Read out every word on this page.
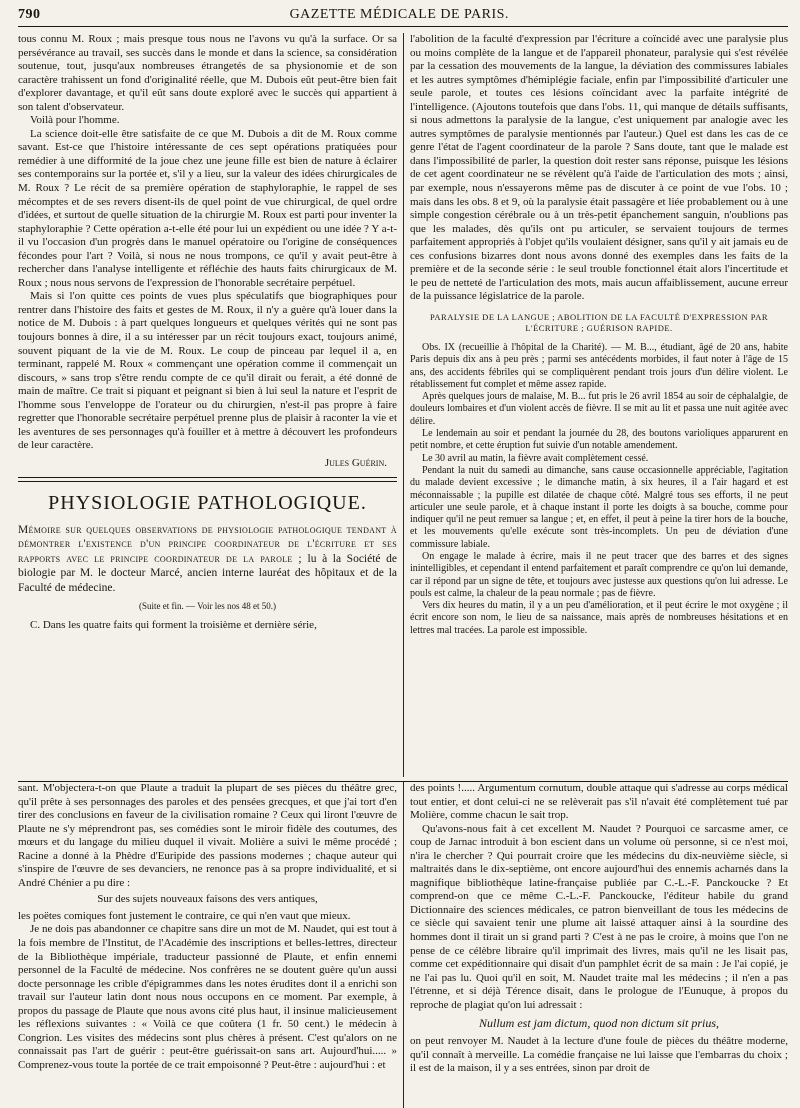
790	GAZETTE MÉDICALE DE PARIS.

tous connu M. Roux ; mais presque tous nous ne l'avons vu qu'à la surface. Or sa persévérance au travail, ses succès dans le monde et dans la science, sa considération soutenue, tout, jusqu'aux nombreuses étrangetés de sa physionomie et de son caractère trahissent un fond d'originalité réelle, que M. Dubois eût peut-être bien fait d'explorer davantage, et qu'il eût sans doute exploré avec le succès qui appartient à son talent d'observateur.

Voilà pour l'homme.

La science doit-elle être satisfaite de ce que M. Dubois a dit de M. Roux comme savant. Est-ce que l'histoire intéressante de ces sept opérations pratiquées pour remédier à une difformité de la joue chez une jeune fille est bien de nature à éclairer ses contemporains sur la portée et, s'il y a lieu, sur la valeur des idées chirurgicales de M. Roux ? Le récit de sa première opération de staphyloraphie, le rappel de ses mécomptes et de ses revers disent-ils de quel point de vue chirurgical, de quel ordre d'idées, et surtout de quelle situation de la chirurgie M. Roux est parti pour inventer la staphyloraphie ? Cette opération a-t-elle été pour lui un expédient ou une idée ? Y a-t-il vu l'occasion d'un progrès dans le manuel opératoire ou l'origine de conséquences fécondes pour l'art ? Voilà, si nous ne nous trompons, ce qu'il y avait peut-être à rechercher dans l'analyse intelligente et réfléchie des hauts faits chirurgicaux de M. Roux ; nous nous servons de l'expression de l'honorable secrétaire perpétuel.

Mais si l'on quitte ces points de vues plus spéculatifs que biographiques pour rentrer dans l'histoire des faits et gestes de M. Roux, il n'y a guère qu'à louer dans la notice de M. Dubois : à part quelques longueurs et quelques vérités qui ne sont pas toujours bonnes à dire, il a su intéresser par un récit toujours exact, toujours animé, souvent piquant de la vie de M. Roux. Le coup de pinceau par lequel il a, en terminant, rappelé M. Roux « commençant une opération comme il commençait un discours, » sans trop s'être rendu compte de ce qu'il dirait ou ferait, a été donné de main de maître. Ce trait si piquant et peignant si bien à lui seul la nature et l'esprit de l'homme sous l'enveloppe de l'orateur ou du chirurgien, n'est-il pas propre à faire regretter que l'honorable secrétaire perpétuel prenne plus de plaisir à raconter la vie et les aventures de ses personnages qu'à fouiller et à mettre à découvert les profondeurs de leur caractère.

Jules Guérin.
PHYSIOLOGIE PATHOLOGIQUE.
Mémoire sur quelques observations de physiologie pathologique tendant à démontrer l'existence d'un principe coordinateur de l'écriture et ses rapports avec le principe coordinateur de la parole ; lu à la Société de biologie par M. le docteur Marcé, ancien interne lauréat des hôpitaux et de la Faculté de médecine.
(Suite et fin. — Voir les nos 48 et 50.)

C. Dans les quatre faits qui forment la troisième et dernière série,

l'abolition de la faculté d'expression par l'écriture a coïncidé avec une paralysie plus ou moins complète de la langue et de l'appareil phonateur, paralysie qui s'est révélée par la cessation des mouvements de la langue, la déviation des commissures labiales et les autres symptômes d'hémiplégie faciale, enfin par l'impossibilité d'articuler une seule parole, et toutes ces lésions coïncidant avec la parfaite intégrité de l'intelligence. (Ajoutons toutefois que dans l'obs. 11, qui manque de détails suffisants, si nous admettons la paralysie de la langue, c'est uniquement par analogie avec les autres symptômes de paralysie mentionnés par l'auteur.) Quel est dans les cas de ce genre l'état de l'agent coordinateur de la parole ? Sans doute, tant que le malade est dans l'impossibilité de parler, la question doit rester sans réponse, puisque les lésions de cet agent coordinateur ne se révèlent qu'à l'aide de l'articulation des mots ; ainsi, par exemple, nous n'essayerons même pas de discuter à ce point de vue l'obs. 10 ; mais dans les obs. 8 et 9, où la paralysie était passagère et liée probablement ou à une simple congestion cérébrale ou à un très-petit épanchement sanguin, n'oublions pas que les malades, dès qu'ils ont pu articuler, se servaient toujours de termes parfaitement appropriés à l'objet qu'ils voulaient désigner, sans qu'il y ait jamais eu de ces confusions bizarres dont nous avons donné des exemples dans les faits de la première et de la seconde série : le seul trouble fonctionnel était alors l'incertitude et le peu de netteté de l'articulation des mots, mais aucun affaiblissement, aucune erreur de la puissance législatrice de la parole.

PARALYSIE DE LA LANGUE ; ABOLITION DE LA FACULTÉ D'EXPRESSION PAR L'ÉCRITURE ; GUÉRISON RAPIDE.

Obs. IX (recueillie à l'hôpital de la Charité). — M. B..., étudiant, âgé de 20 ans, habite Paris depuis dix ans à peu près ; parmi ses antécédents morbides, il faut noter à l'âge de 15 ans, des accidents fébriles qui se compliquèrent pendant trois jours d'un délire violent. Le rétablissement fut complet et même assez rapide.

Après quelques jours de malaise, M. B... fut pris le 26 avril 1854 au soir de céphalalgie, de douleurs lombaires et d'un violent accès de fièvre. Il se mit au lit et passa une nuit agitée avec délire.

Le lendemain au soir et pendant la journée du 28, des boutons varioliques apparurent en petit nombre, et cette éruption fut suivie d'un notable amendement.

Le 30 avril au matin, la fièvre avait complètement cessé.

Pendant la nuit du samedi au dimanche, sans cause occasionnelle appréciable, l'agitation du malade devient excessive ; le dimanche matin, à six heures, il a l'air hagard et est méconnaissable ; la pupille est dilatée de chaque côté. Malgré tous ses efforts, il ne peut articuler une seule parole, et à chaque instant il porte les doigts à sa bouche, comme pour indiquer qu'il ne peut remuer sa langue ; et, en effet, il peut à peine la tirer hors de la bouche, et les mouvements qu'elle exécute sont très-incomplets. Un peu de déviation d'une commissure labiale.

On engage le malade à écrire, mais il ne peut tracer que des barres et des signes inintelligibles, et cependant il entend parfaitement et paraît comprendre ce qu'on lui demande, car il répond par un signe de tête, et toujours avec justesse aux questions qu'on lui adresse. Le pouls est calme, la chaleur de la peau normale ; pas de fièvre.

Vers dix heures du matin, il y a un peu d'amélioration, et il peut écrire le mot oxygène ; il écrit encore son nom, le lieu de sa naissance, mais après de nombreuses hésitations et en lettres mal tracées. La parole est impossible.

sant. M'objectera-t-on que Plaute a traduit la plupart de ses pièces du théâtre grec, qu'il prête à ses personnages des paroles et des pensées grecques, et que j'ai tort d'en tirer des conclusions en faveur de la civilisation romaine ? Ceux qui liront l'œuvre de Plaute ne s'y méprendront pas, ses comédies sont le miroir fidèle des coutumes, des mœurs et du langage du milieu duquel il vivait. Molière a suivi le même procédé ; Racine a donné à la Phèdre d'Euripide des passions modernes ; chaque auteur qui s'inspire de l'œuvre de ses devanciers, ne renonce pas à sa propre individualité, et si André Chénier a pu dire :

Sur des sujets nouveaux faisons des vers antiques,

les poëtes comiques font justement le contraire, ce qui n'en vaut que mieux.

Je ne dois pas abandonner ce chapitre sans dire un mot de M. Naudet, qui est tout à la fois membre de l'Institut, de l'Académie des inscriptions et belles-lettres, directeur de la Bibliothèque impériale, traducteur passionné de Plaute, et enfin ennemi personnel de la Faculté de médecine. Nos confrères ne se doutent guère qu'un aussi docte personnage les crible d'épigrammes dans les notes érudites dont il a enrichi son travail sur l'auteur latin dont nous nous occupons en ce moment. Par exemple, à propos du passage de Plaute que nous avons cité plus haut, il insinue malicieusement les réflexions suivantes : « Voilà ce que coûtera (1 fr. 50 cent.) le médecin à Congrion. Les visites des médecins sont plus chères à présent. C'est qu'alors on ne connaissait pas l'art de guérir : peut-être guérissait-on sans art. Aujourd'hui..... » Comprenez-vous toute la portée de ce trait empoisonné ? Peut-être : aujourd'hui : et

des points !..... Argumentum cornutum, double attaque qui s'adresse au corps médical tout entier, et dont celui-ci ne se relèverait pas s'il n'avait été complètement tué par Molière, comme chacun le sait trop.

Qu'avons-nous fait à cet excellent M. Naudet ? Pourquoi ce sarcasme amer, ce coup de Jarnac introduit à bon escient dans un volume où personne, si ce n'est moi, n'ira le chercher ? Qui pourrait croire que les médecins du dix-neuvième siècle, si maltraités dans le dix-septième, ont encore aujourd'hui des ennemis acharnés dans la magnifique bibliothèque latine-française publiée par C.-L.-F. Panckoucke ? Et comprend-on que ce même C.-L.-F. Panckoucke, l'éditeur habile du grand Dictionnaire des sciences médicales, ce patron bienveillant de tous les médecins de ce siècle qui savaient tenir une plume ait laissé attaquer ainsi à la sourdine des hommes dont il tirait un si grand parti ? C'est à ne pas le croire, à moins que l'on ne pense de ce célèbre libraire qu'il imprimait des livres, mais qu'il ne les lisait pas, comme cet expéditionnaire qui disait d'un pamphlet écrit de sa main : Je l'ai copié, je ne l'ai pas lu. Quoi qu'il en soit, M. Naudet traite mal les médecins ; il n'en a pas l'étrenne, et si déjà Térence disait, dans le prologue de l'Eunuque, à propos du reproche de plagiat qu'on lui adressait :

Nullum est jam dictum, quod non dictum sit prius,

on peut renvoyer M. Naudet à la lecture d'une foule de pièces du théâtre moderne, qu'il connaît à merveille. La comédie française ne lui laisse que l'embarras du choix ; il est de la maison, il y a ses entrées, sinon par droit de
